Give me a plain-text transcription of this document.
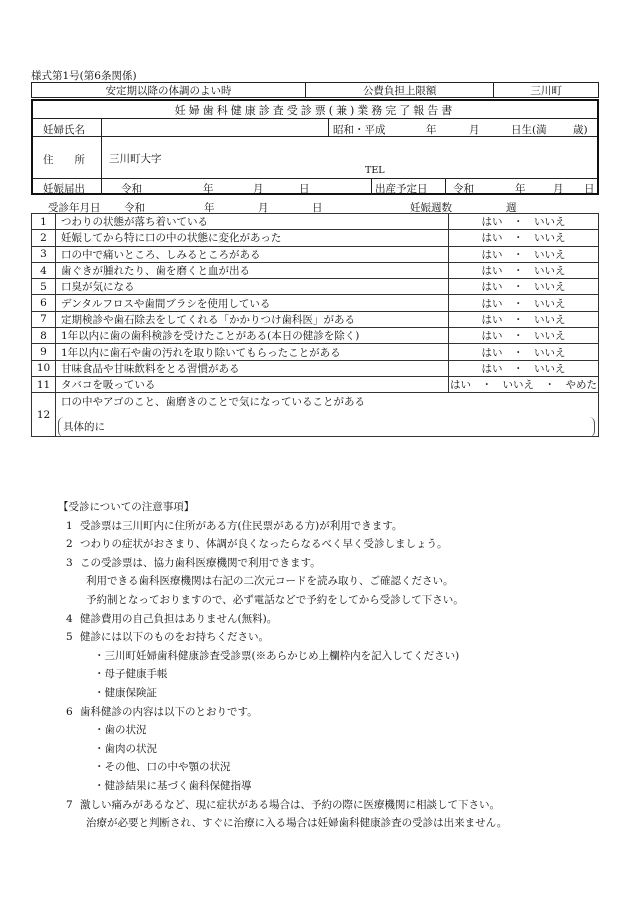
様式第1号(第6条関係)
安定期以降の体調のよい時	公費負担上限額	三川町
妊婦歯科健康診査受診票(兼)業務完了報告書
妊婦氏名	昭和・平成	年	月	日生(満	歳)
住　　所 三川町大字
TEL
妊娠届出	令和	年	月	日	出産予定日 令和	年	月 日
受診年月日 令和	年	月	日	妊娠週数	週
1	つわりの状態が落ち着いている	はい　・　いいえ
2	妊娠してから特に口の中の状態に変化があった	はい　・　いいえ
3	口の中で痛いところ、しみるところがある	はい　・　いいえ
4	歯ぐきが腫れたり、歯を磨くと血が出る	はい　・　いいえ
5	口臭が気になる	はい　・　いいえ
6	デンタルフロスや歯間ブラシを使用している	はい　・　いいえ
7	定期検診や歯石除去をしてくれる「かかりつけ歯科医」がある	はい　・　いいえ
8	1年以内に歯の歯科検診を受けたことがある(本日の健診を除く)	はい　・　いいえ
9	1年以内に歯石や歯の汚れを取り除いてもらったことがある	はい　・　いいえ
10	甘味食品や甘味飲料をとる習慣がある	はい　・　いいえ
11	タバコを吸っている	はい　・　いいえ　・　やめた
12	口の中やアゴのこと、歯磨きのことで気になっていることがある
具体的に	
【受診についての注意事項】
1 受診票は三川町内に住所がある方(住民票がある方)が利用できます。
2 つわりの症状がおさまり、体調が良くなったらなるべく早く受診しましょう。
3 この受診票は、協力歯科医療機関で利用できます。
利用できる歯科医療機関は右記の二次元コードを読み取り、ご確認ください。
予約制となっておりますので、必ず電話などで予約をしてから受診して下さい。
4 健診費用の自己負担はありません(無料)。
5 健診には以下のものをお持ちください。
・三川町妊婦歯科健康診査受診票(※あらかじめ上欄枠内を記入してください)
・母子健康手帳
・健康保険証
6 歯科健診の内容は以下のとおりです。
・歯の状況
・歯肉の状況
・その他、口の中や顎の状況
・健診結果に基づく歯科保健指導
7 激しい痛みがあるなど、現に症状がある場合は、予約の際に医療機関に相談して下さい。
治療が必要と判断され、すぐに治療に入る場合は妊婦歯科健康診査の受診は出来ません。
